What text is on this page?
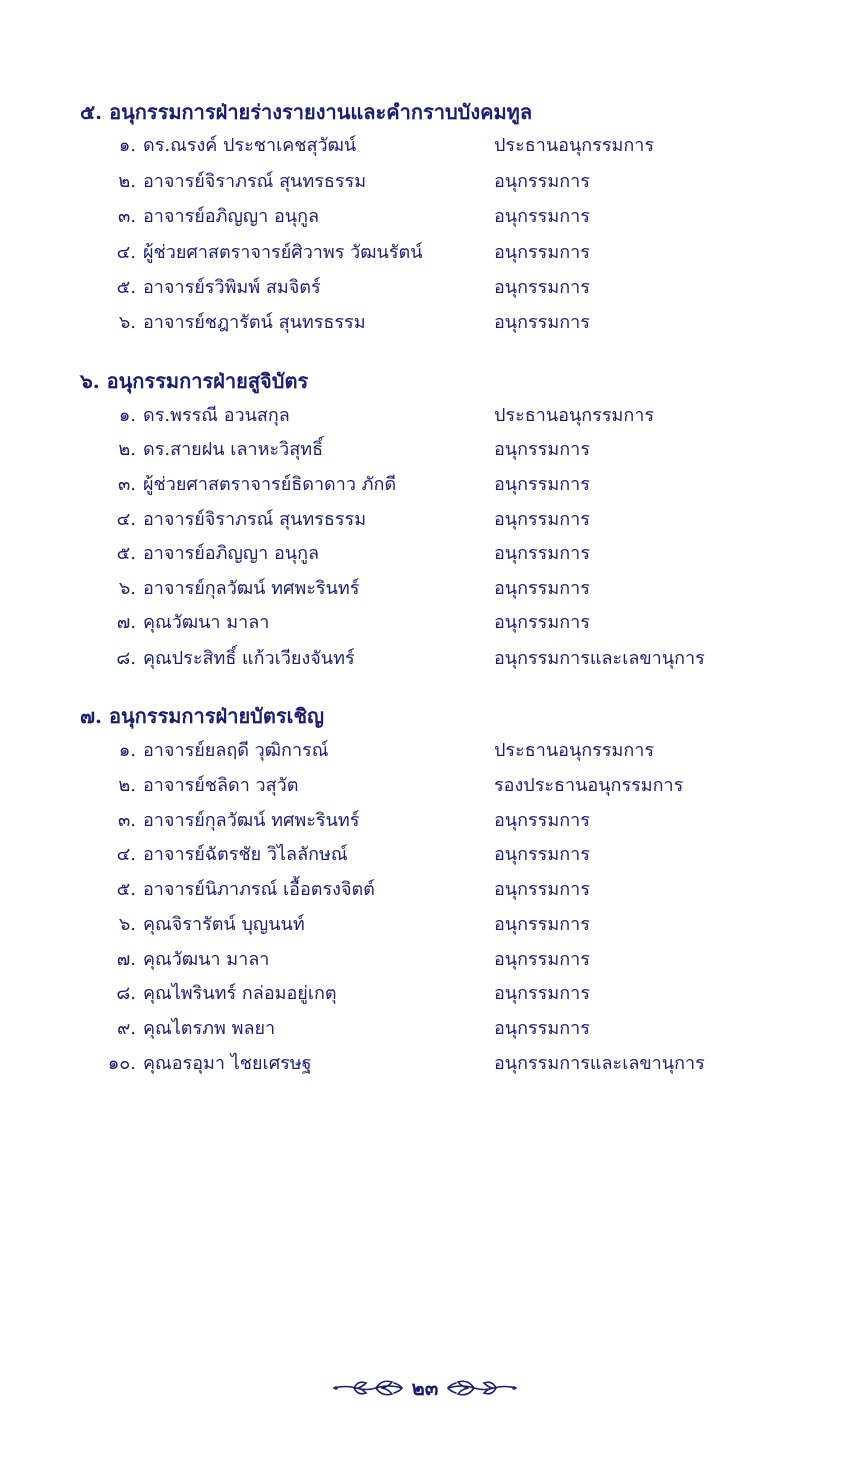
๕. อนุกรรมการฝ่ายร่างรายงานและคำกราบบังคมทูล
๑. ดร.ณรงค์ ประชาเคชสุวัฒน์	ประธานอนุกรรมการ
๒. อาจารย์จิราภรณ์ สุนทรธรรม	อนุกรรมการ
๓. อาจารย์อภิญญา อนุกูล	อนุกรรมการ
๔. ผู้ช่วยศาสตราจารย์ศิวาพร วัฒนรัตน์	อนุกรรมการ
๕. อาจารย์รวิพิมพ์ สมจิตร์	อนุกรรมการ
๖. อาจารย์ชฎารัตน์ สุนทรธรรม	อนุกรรมการ
๖. อนุกรรมการฝ่ายสูจิบัตร
๑. ดร.พรรณี อวนสกุล	ประธานอนุกรรมการ
๒. ดร.สายฝน เลาหะวิสุทธิ์	อนุกรรมการ
๓. ผู้ช่วยศาสตราจารย์ธิดาดาว ภักดี	อนุกรรมการ
๔. อาจารย์จิราภรณ์ สุนทรธรรม	อนุกรรมการ
๕. อาจารย์อภิญญา อนุกูล	อนุกรรมการ
๖. อาจารย์กุลวัฒน์ ทศพะรินทร์	อนุกรรมการ
๗. คุณวัฒนา มาลา	อนุกรรมการ
๘. คุณประสิทธิ์ แก้วเวียงจันทร์	อนุกรรมการและเลขานุการ
๗. อนุกรรมการฝ่ายบัตรเชิญ
๑. อาจารย์ยลฤดี วุฒิการณ์	ประธานอนุกรรมการ
๒. อาจารย์ชลิดา วสุวัต	รองประธานอนุกรรมการ
๓. อาจารย์กุลวัฒน์ ทศพะรินทร์	อนุกรรมการ
๔. อาจารย์ฉัตรชัย วิไลลักษณ์	อนุกรรมการ
๕. อาจารย์นิภาภรณ์ เอื้อตรงจิตต์	อนุกรรมการ
๖. คุณจิรารัตน์ บุญนนท์	อนุกรรมการ
๗. คุณวัฒนา มาลา	อนุกรรมการ
๘. คุณไพรินทร์ กล่อมอยู่เกตุ	อนุกรรมการ
๙. คุณไตรภพ พลยา	อนุกรรมการ
๑๐. คุณอรอุมา ไชยเศรษฐ	อนุกรรมการและเลขานุการ
๒๓
